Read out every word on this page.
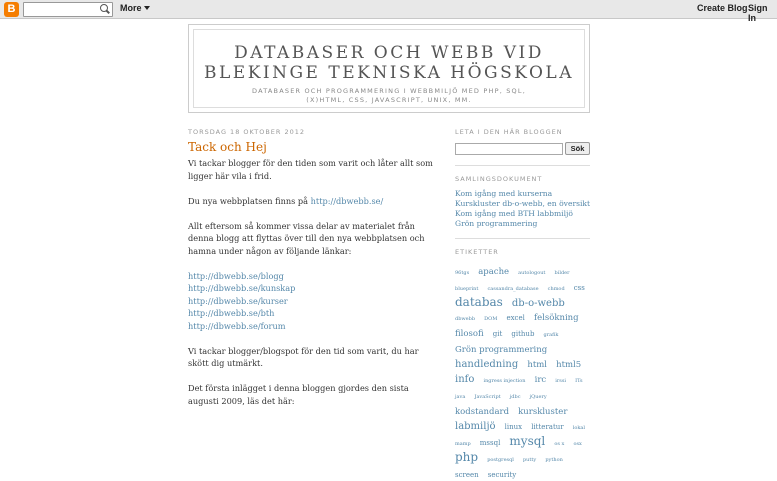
B	More	Create Blog Sign In
DATABASER OCH WEBB VID
BLEKINGE TEKNISKA HÖGSKOLA
DATABASER OCH PROGRAMMERING I WEBBMILJÖ MED PHP, SQL, (X)HTML, CSS, JAVASCRIPT, UNIX, MM.
TORSDAG 18 OKTOBER 2012
Tack och Hej

Vi tackar blogger för den tiden som varit och låter allt som ligger här vila i frid.

Du nya webbplatsen finns på http://dbwebb.se/

Allt eftersom så kommer vissa delar av materialet från denna blogg att flyttas över till den nya webbplatsen och hamna under någon av följande länkar:

http://dbwebb.se/blogg
http://dbwebb.se/kunskap
http://dbwebb.se/kurser
http://dbwebb.se/bth
http://dbwebb.se/forum

Vi tackar blogger/blogspot för den tid som varit, du har skött dig utmärkt.

Det första inlägget i denna bloggen gjordes den sista augusti 2009, läs det här:

LETA I DEN HÄR BLOGGEN
Sök
SAMLINGSDOKUMENT
Kom igång med kurserna
Kurskluster db-o-webb, en översikt
Kom igång med BTH labbmiljö
Grön programmering
ETIKETTER
96tgs apache autologout bilder blueprint cassandra_database chmod css databas db-o-webb dbwebb DOM excel felsökning filosofi git github grafik Grön programmering handledning html html5 info ingress injection irc irssi ITs java JavaScript jdbc jQuery kodstandard kurskluster labmiljö linux litteratur lokal mamp mssql mysql os x osx php postgresql putty python screen security
